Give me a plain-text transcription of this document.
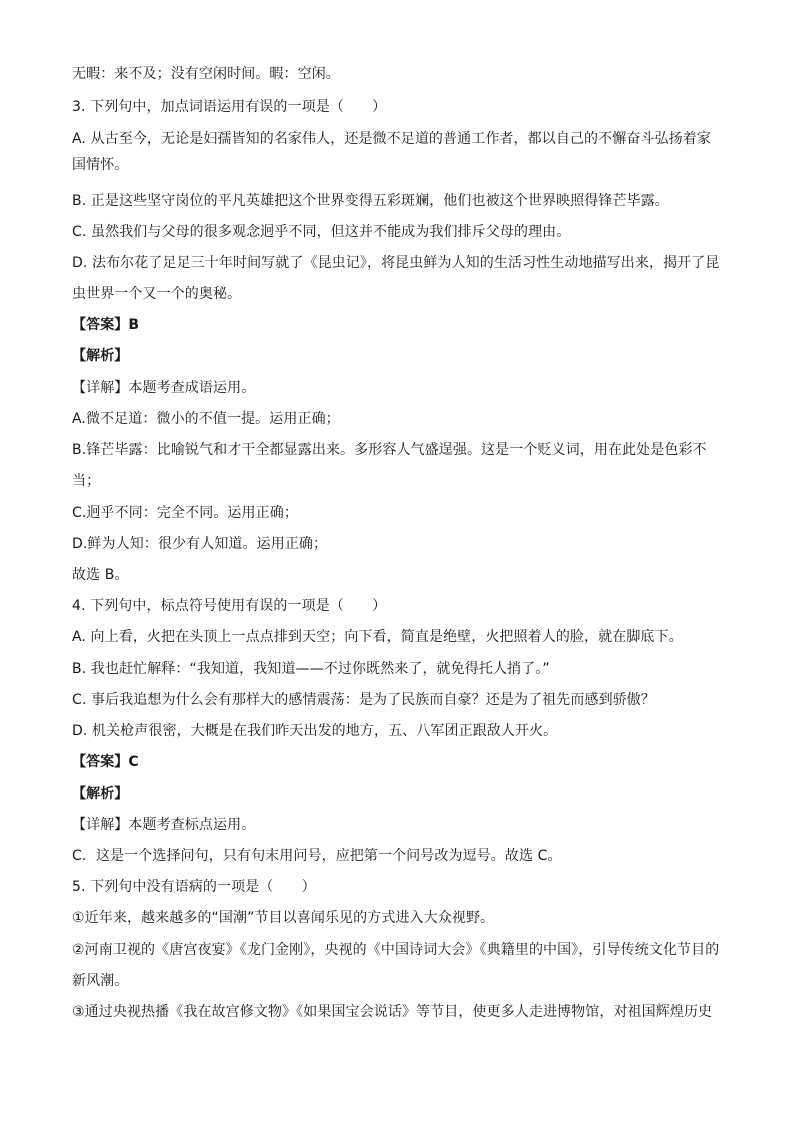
无暇：来不及；没有空闲时间。暇：空闲。
3. 下列句中，加点词语运用有误的一项是（　　）
A. 从古至今，无论是妇孺皆知的名家伟人，还是微不足道的普通工作者，都以自己的不懈奋斗弘扬着家
国情怀。
B. 正是这些坚守岗位的平凡英雄把这个世界变得五彩斑斓，他们也被这个世界映照得锋芒毕露。
C. 虽然我们与父母的很多观念迥乎不同，但这并不能成为我们排斥父母的理由。
D. 法布尔花了足足三十年时间写就了《昆虫记》，将昆虫鲜为人知的生活习性生动地描写出来，揭开了昆
虫世界一个又一个的奥秘。
【答案】B
【解析】
【详解】本题考查成语运用。
A.微不足道：微小的不值一提。运用正确；
B.锋芒毕露：比喻锐气和才干全都显露出来。多形容人气盛逞强。这是一个贬义词，用在此处是色彩不
当；
C.迥乎不同：完全不同。运用正确；
D.鲜为人知：很少有人知道。运用正确；
故选 B。
4. 下列句中，标点符号使用有误的一项是（　　）
A. 向上看，火把在头顶上一点点排到天空；向下看，简直是绝壁，火把照着人的脸，就在脚底下。
B. 我也赶忙解释：“我知道，我知道——不过你既然来了，就免得托人捎了。”
C. 事后我追想为什么会有那样大的感情震荡：是为了民族而自豪？还是为了祖先而感到骄傲？
D. 机关枪声很密，大概是在我们昨天出发的地方，五、八军团正跟敌人开火。
【答案】C
【解析】
【详解】本题考查标点运用。
C．这是一个选择问句，只有句末用问号，应把第一个问号改为逗号。故选 C。
5. 下列句中没有语病的一项是（　　）
①近年来，越来越多的“国潮”节目以喜闻乐见的方式进入大众视野。
②河南卫视的《唐宫夜宴》《龙门金刚》，央视的《中国诗词大会》《典籍里的中国》，引导传统文化节目的
新风潮。
③通过央视热播《我在故宫修文物》《如果国宝会说话》等节目，使更多人走进博物馆，对祖国辉煌历史
